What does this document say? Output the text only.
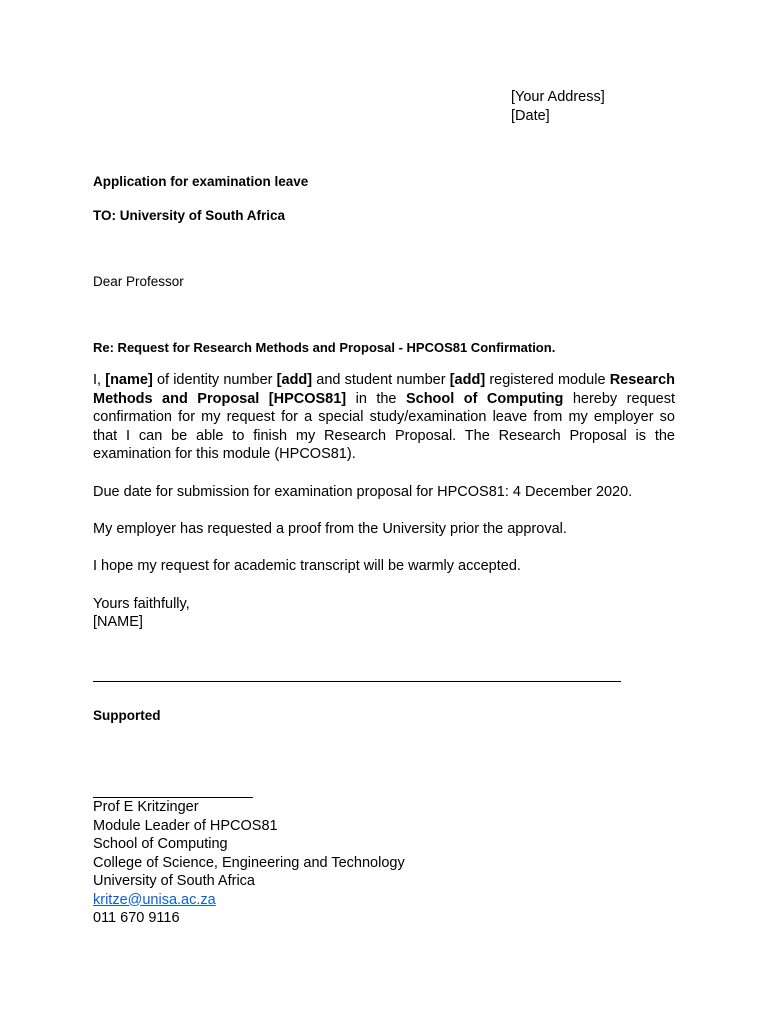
[Your Address]
[Date]
Application for examination leave
TO: University of South Africa
Dear Professor
Re: Request for Research Methods and Proposal - HPCOS81 Confirmation.
I, [name] of identity number [add] and student number [add] registered module Research Methods and Proposal [HPCOS81] in the School of Computing hereby request confirmation for my request for a special study/examination leave from my employer so that I can be able to finish my Research Proposal. The Research Proposal is the examination for this module (HPCOS81).
Due date for submission for examination proposal for HPCOS81: 4 December 2020.
My employer has requested a proof from the University prior the approval.
I hope my request for academic transcript will be warmly accepted.
Yours faithfully,
[NAME]
Supported
Prof E Kritzinger
Module Leader of HPCOS81
School of Computing
College of Science, Engineering and Technology
University of South Africa
kritze@unisa.ac.za
011 670 9116
